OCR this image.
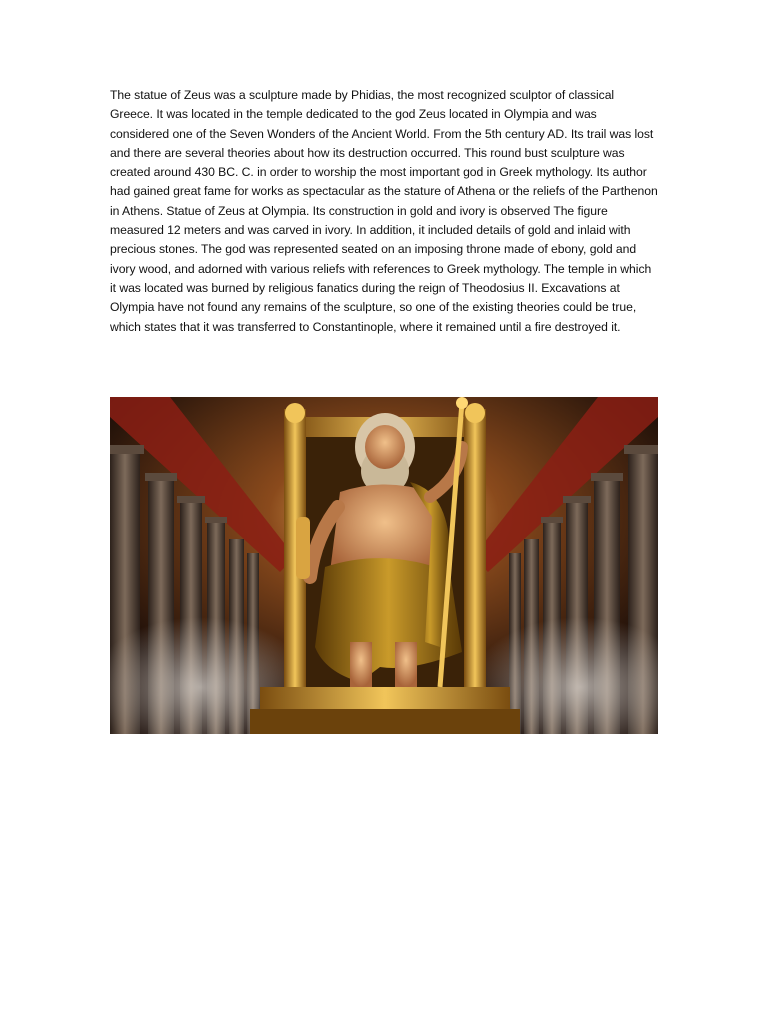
The statue of Zeus was a sculpture made by Phidias, the most recognized sculptor of classical Greece. It was located in the temple dedicated to the god Zeus located in Olympia and was considered one of the Seven Wonders of the Ancient World. From the 5th century AD. Its trail was lost and there are several theories about how its destruction occurred. This round bust sculpture was created around 430 BC. C. in order to worship the most important god in Greek mythology. Its author had gained great fame for works as spectacular as the stature of Athena or the reliefs of the Parthenon in Athens. Statue of Zeus at Olympia. Its construction in gold and ivory is observed The figure measured 12 meters and was carved in ivory. In addition, it included details of gold and inlaid with precious stones. The god was represented seated on an imposing throne made of ebony, gold and ivory wood, and adorned with various reliefs with references to Greek mythology. The temple in which it was located was burned by religious fanatics during the reign of Theodosius II. Excavations at Olympia have not found any remains of the sculpture, so one of the existing theories could be true, which states that it was transferred to Constantinople, where it remained until a fire destroyed it.
